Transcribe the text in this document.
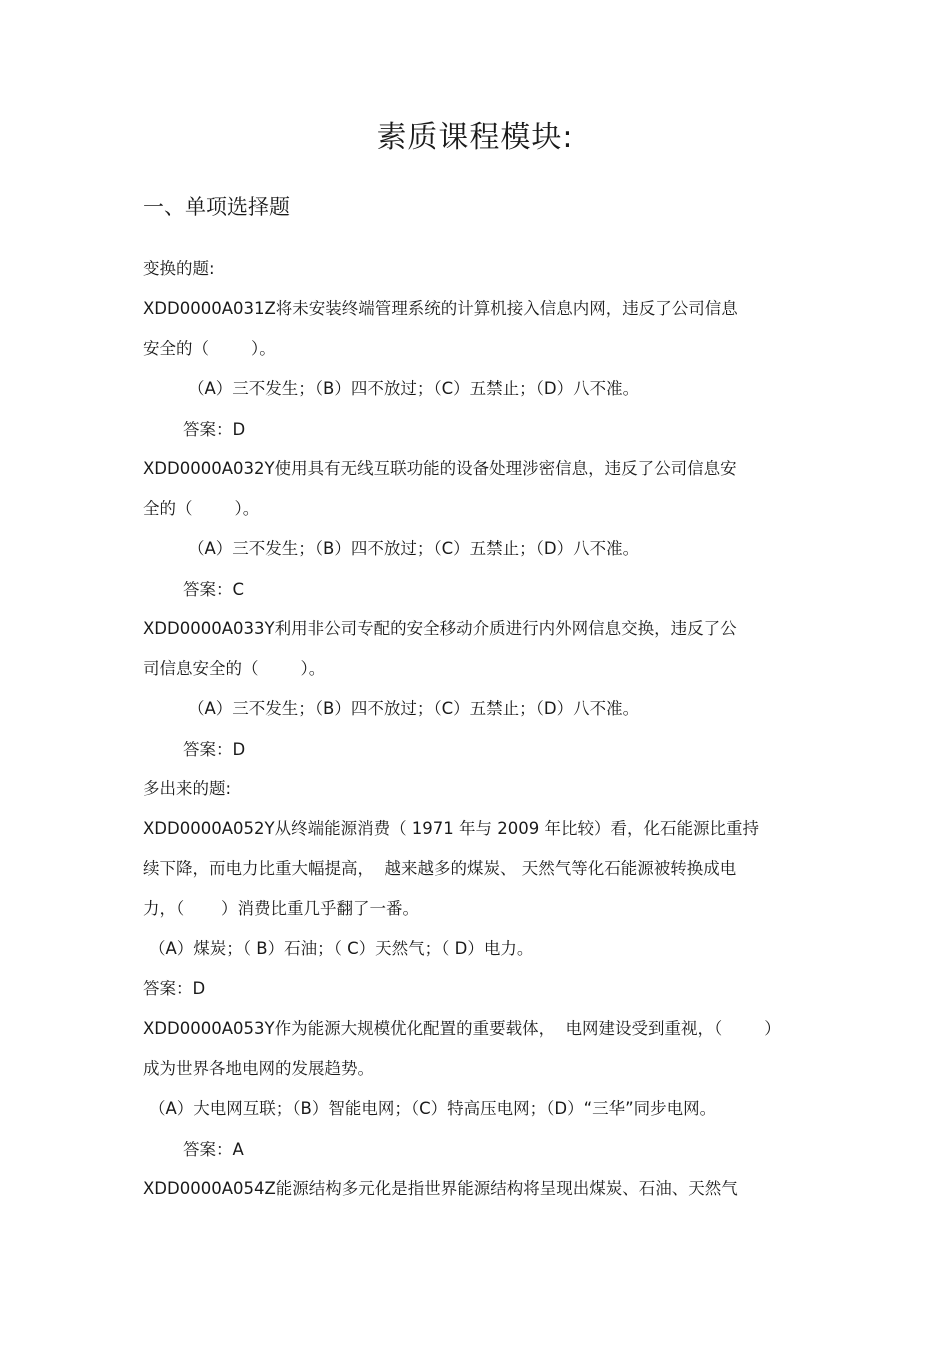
素质课程模块:
一、单项选择题
变换的题:
XDD0000A031Z将未安装终端管理系统的计算机接入信息内网，违反了公司信息
安全的（        ）。
（A）三不发生；（B）四不放过；（C）五禁止；（D）八不准。
答案：D
XDD0000A032Y使用具有无线互联功能的设备处理涉密信息，违反了公司信息安
全的（        ）。
（A）三不发生；（B）四不放过；（C）五禁止；（D）八不准。
答案：C
XDD0000A033Y利用非公司专配的安全移动介质进行内外网信息交换，违反了公
司信息安全的（        ）。
（A）三不发生；（B）四不放过；（C）五禁止；（D）八不准。
答案：D
多出来的题:
XDD0000A052Y从终端能源消费（ 1971 年与 2009 年比较）看，化石能源比重持
续下降，而电力比重大幅提高，  越来越多的煤炭、 天然气等化石能源被转换成电
力，（       ）消费比重几乎翻了一番。
（A）煤炭；（ B）石油；（ C）天然气；（ D）电力。
答案：D
XDD0000A053Y作为能源大规模优化配置的重要载体，  电网建设受到重视，（        ）
成为世界各地电网的发展趋势。
（A）大电网互联；（B）智能电网；（C）特高压电网；（D）“三华”同步电网。
答案：A
XDD0000A054Z能源结构多元化是指世界能源结构将呈现出煤炭、石油、天然气
